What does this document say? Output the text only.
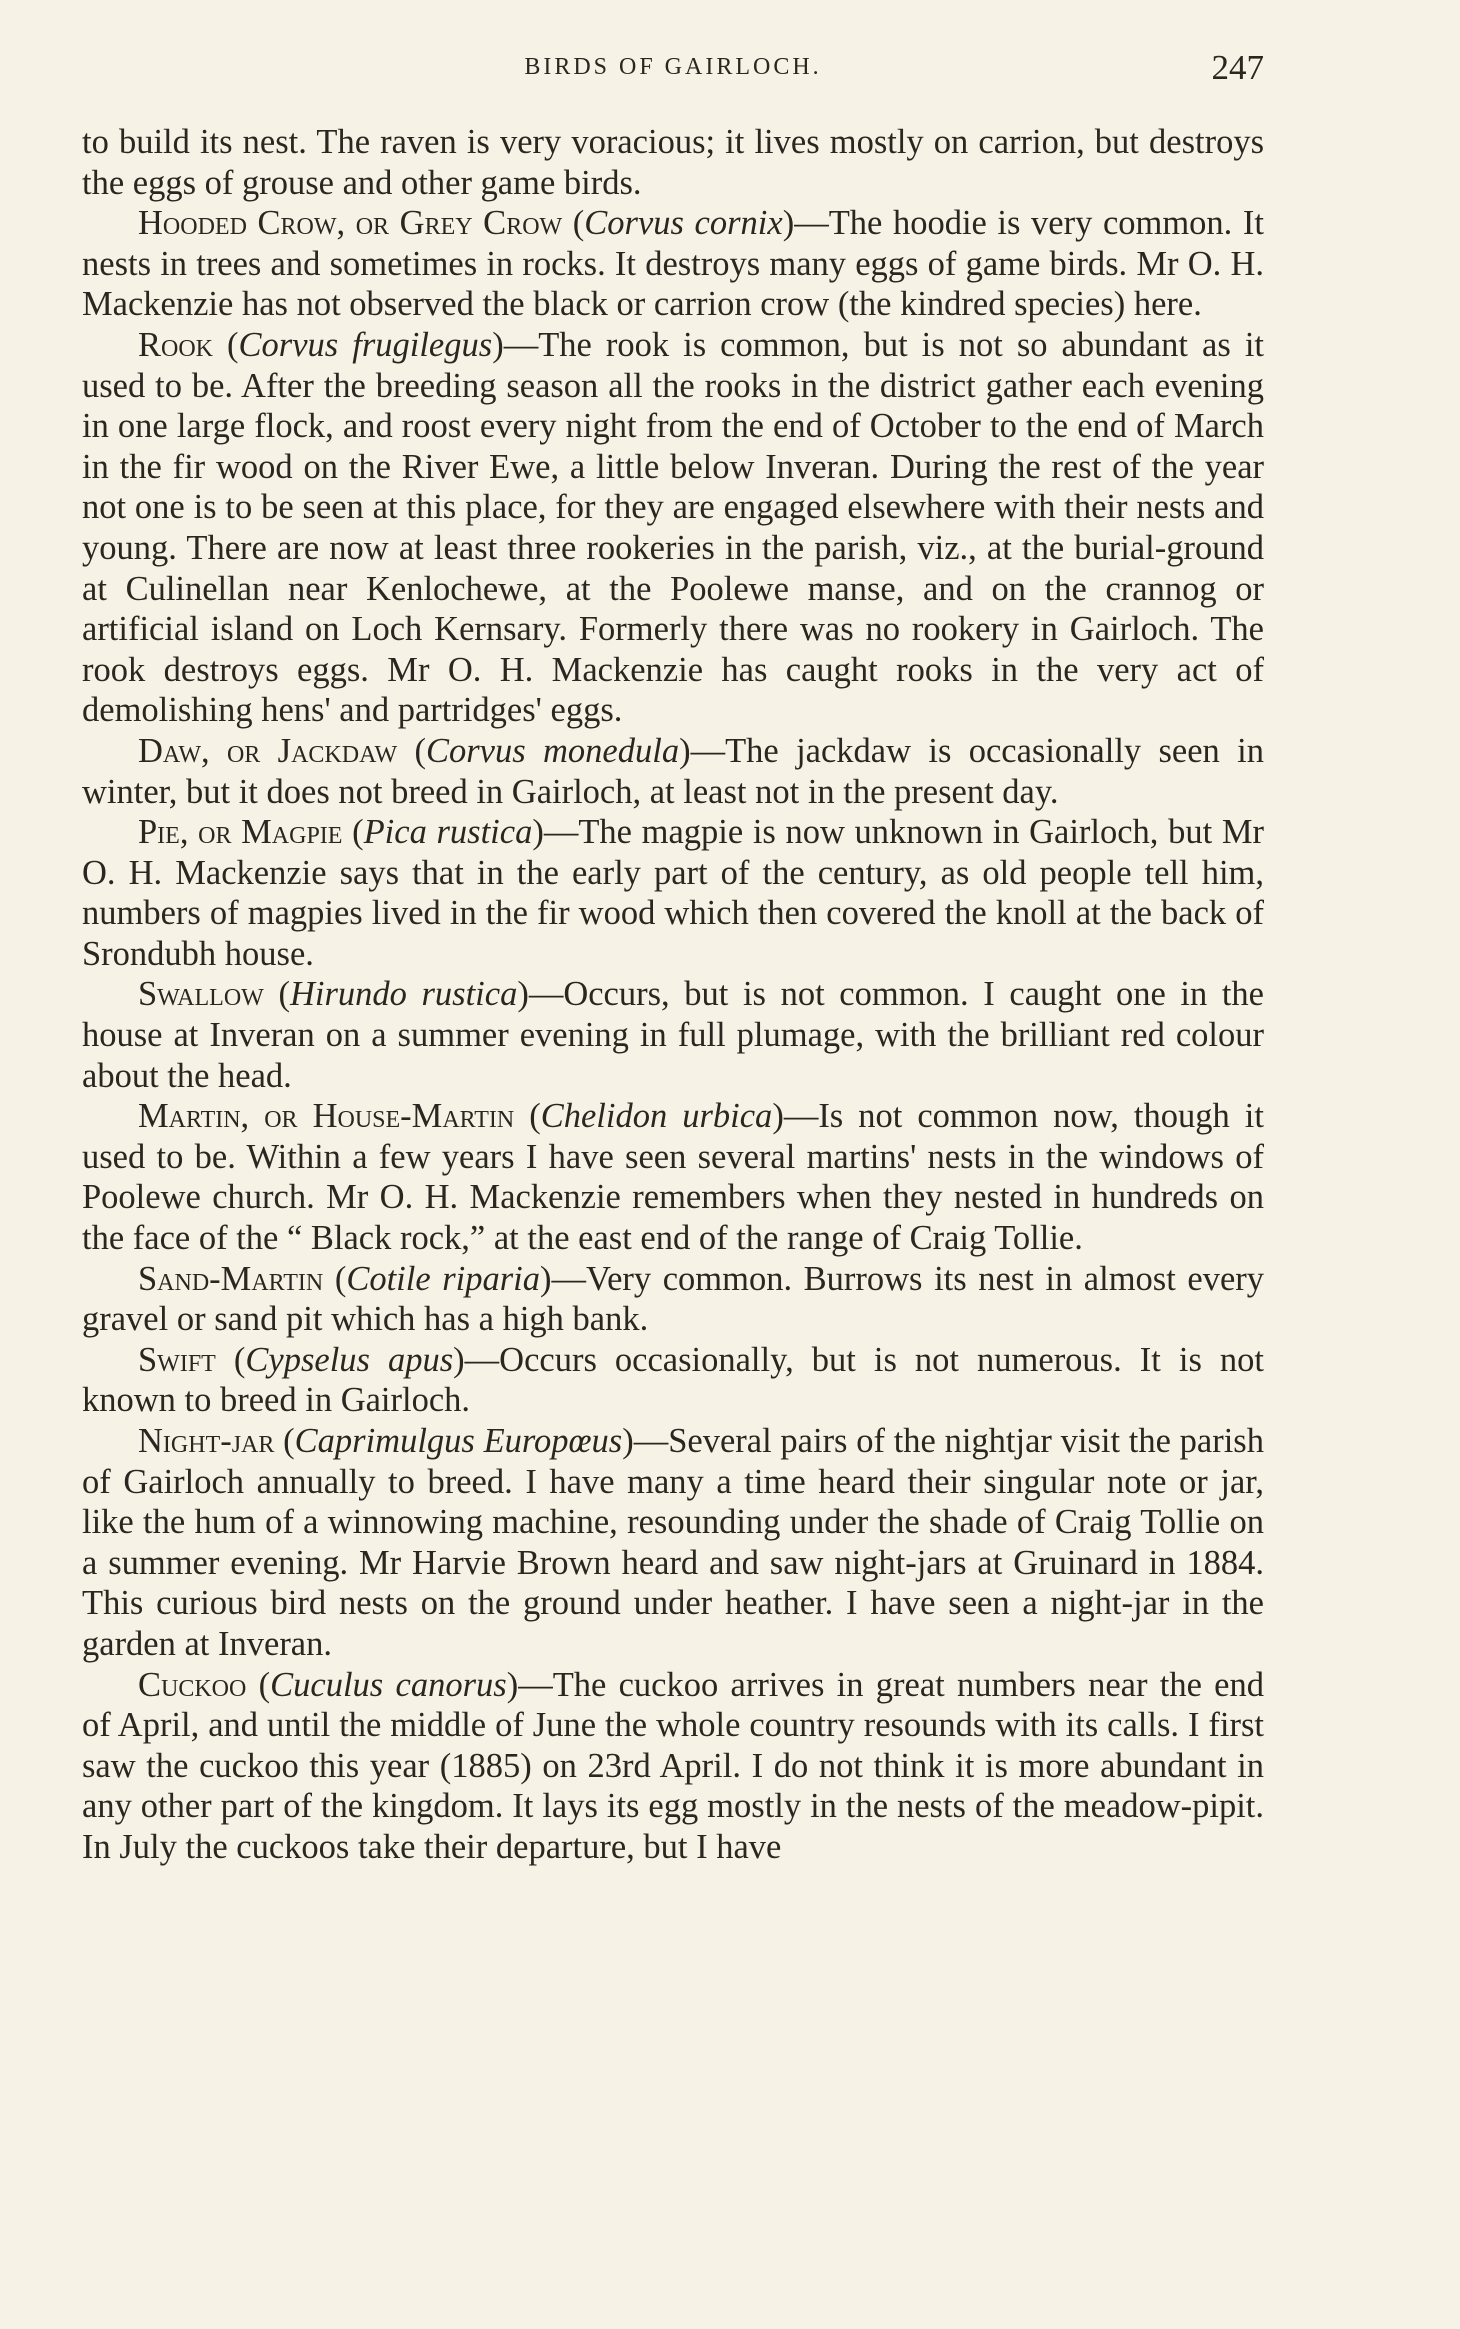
BIRDS OF GAIRLOCH.	247

to build its nest. The raven is very voracious; it lives mostly on carrion, but destroys the eggs of grouse and other game birds.

Hooded Crow, or Grey Crow (Corvus cornix)—The hoodie is very common. It nests in trees and sometimes in rocks. It destroys many eggs of game birds. Mr O. H. Mackenzie has not observed the black or carrion crow (the kindred species) here.

Rook (Corvus frugilegus)—The rook is common, but is not so abundant as it used to be. After the breeding season all the rooks in the district gather each evening in one large flock, and roost every night from the end of October to the end of March in the fir wood on the River Ewe, a little below Inveran. During the rest of the year not one is to be seen at this place, for they are engaged elsewhere with their nests and young. There are now at least three rookeries in the parish, viz., at the burial-ground at Culinellan near Kenlochewe, at the Poolewe manse, and on the crannog or artificial island on Loch Kernsary. Formerly there was no rookery in Gairloch. The rook destroys eggs. Mr O. H. Mackenzie has caught rooks in the very act of demolishing hens' and partridges' eggs.

Daw, or Jackdaw (Corvus monedula)—The jackdaw is occasionally seen in winter, but it does not breed in Gairloch, at least not in the present day.

Pie, or Magpie (Pica rustica)—The magpie is now unknown in Gairloch, but Mr O. H. Mackenzie says that in the early part of the century, as old people tell him, numbers of magpies lived in the fir wood which then covered the knoll at the back of Srondubh house.

Swallow (Hirundo rustica)—Occurs, but is not common. I caught one in the house at Inveran on a summer evening in full plumage, with the brilliant red colour about the head.

Martin, or House-Martin (Chelidon urbica)—Is not common now, though it used to be. Within a few years I have seen several martins' nests in the windows of Poolewe church. Mr O. H. Mackenzie remembers when they nested in hundreds on the face of the “ Black rock,” at the east end of the range of Craig Tollie.

Sand-Martin (Cotile riparia)—Very common. Burrows its nest in almost every gravel or sand pit which has a high bank.

Swift (Cypselus apus)—Occurs occasionally, but is not numerous. It is not known to breed in Gairloch.

Night-jar (Caprimulgus Europœus)—Several pairs of the nightjar visit the parish of Gairloch annually to breed. I have many a time heard their singular note or jar, like the hum of a winnowing machine, resounding under the shade of Craig Tollie on a summer evening. Mr Harvie Brown heard and saw night-jars at Gruinard in 1884. This curious bird nests on the ground under heather. I have seen a night-jar in the garden at Inveran.

Cuckoo (Cuculus canorus)—The cuckoo arrives in great numbers near the end of April, and until the middle of June the whole country resounds with its calls. I first saw the cuckoo this year (1885) on 23rd April. I do not think it is more abundant in any other part of the kingdom. It lays its egg mostly in the nests of the meadow-pipit. In July the cuckoos take their departure, but I have
